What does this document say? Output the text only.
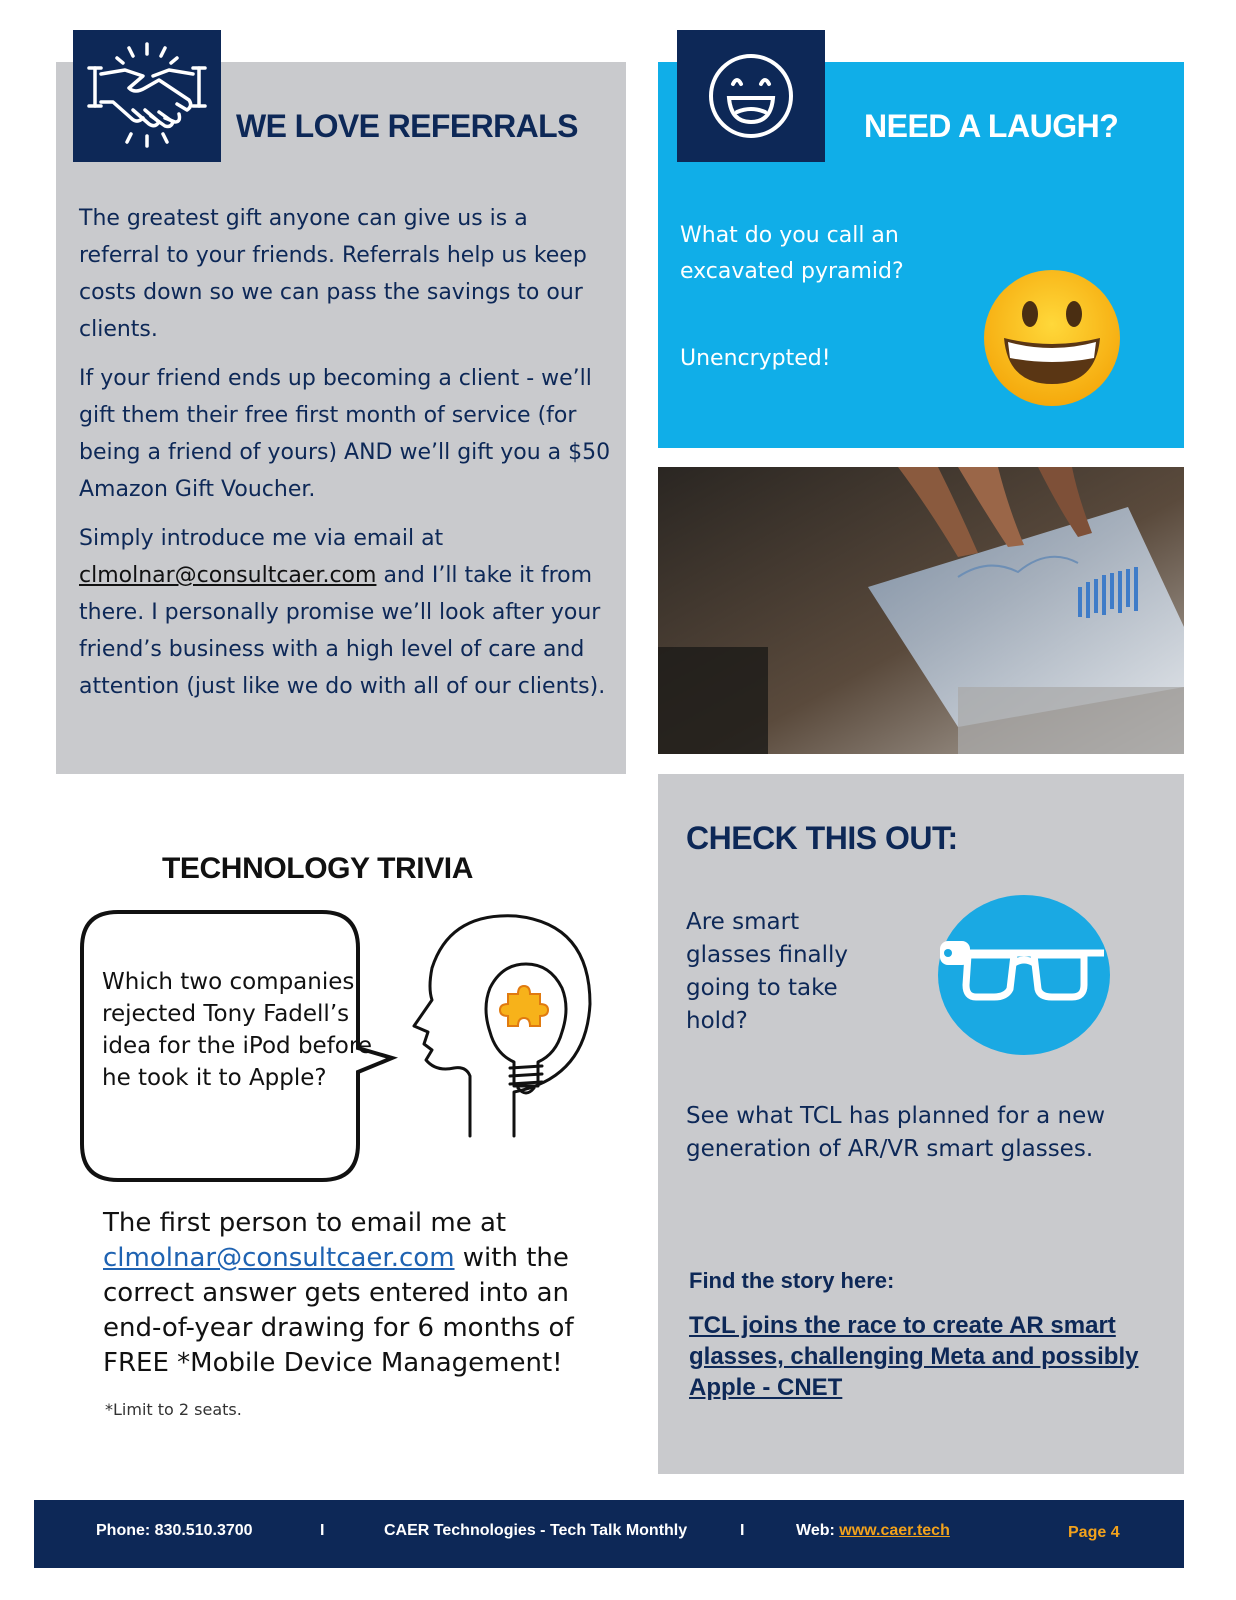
WE LOVE REFERRALS

The greatest gift anyone can give us is a referral to your friends. Referrals help us keep costs down so we can pass the savings to our clients.

If your friend ends up becoming a client - we’ll gift them their free first month of service (for being a friend of yours) AND we’ll gift you a $50 Amazon Gift Voucher.

Simply introduce me via email at clmolnar@consultcaer.com and I’ll take it from there. I personally promise we’ll look after your friend’s business with a high level of care and attention (just like we do with all of our clients).

NEED A LAUGH?
What do you call an excavated pyramid?
Unencrypted!
TECHNOLOGY TRIVIA
Which two companies rejected Tony Fadell’s idea for the iPod before he took it to Apple?
The first person to email me at clmolnar@consultcaer.com with the correct answer gets entered into an end-of-year drawing for 6 months of FREE *Mobile Device Management!
*Limit to 2 seats.
CHECK THIS OUT:
Are smart glasses finally going to take hold?
See what TCL has planned for a new generation of AR/VR smart glasses.
Find the story here:
TCL joins the race to create AR smart glasses, challenging Meta and possibly Apple - CNET
Phone: 830.510.3700	I	CAER Technologies - Tech Talk Monthly	I	Web: www.caer.tech	Page 4
